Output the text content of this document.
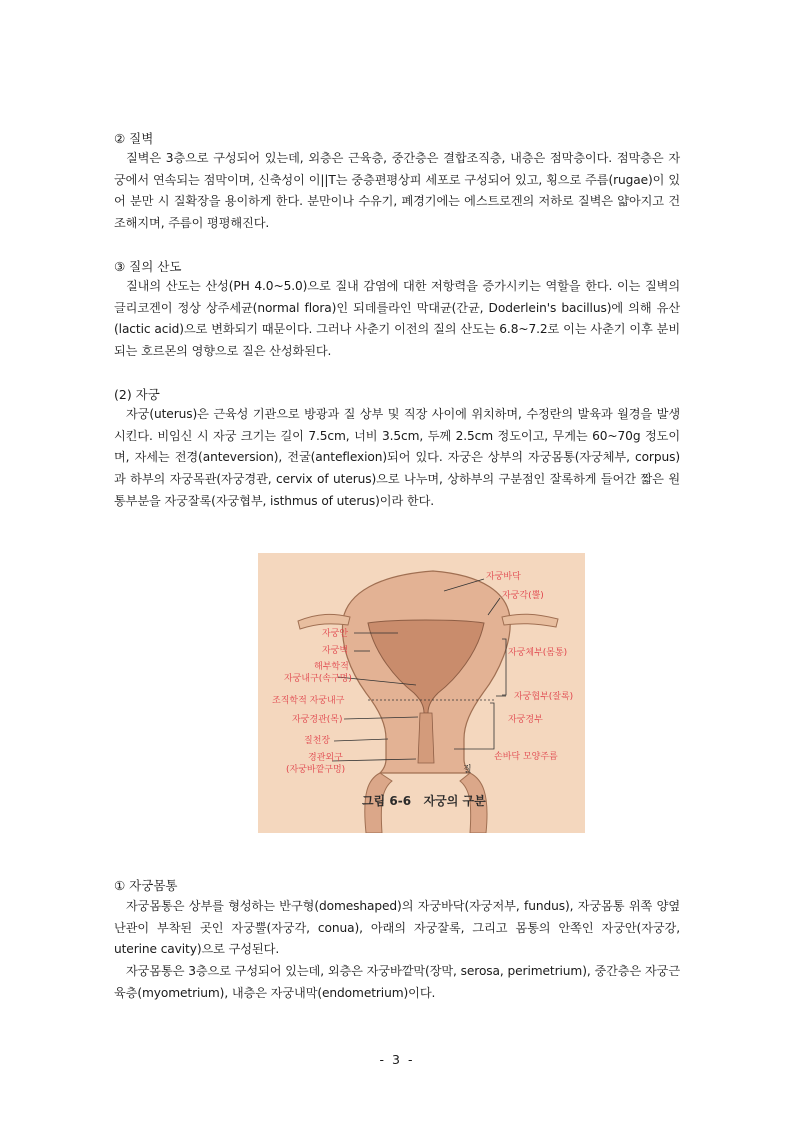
② 질벽

질벽은 3층으로 구성되어 있는데, 외층은 근육층, 중간층은 결합조직층, 내층은 점막층이다. 점막층은 자궁에서 연속되는 점막이며, 신축성이 이||T는 중층편평상피 세포로 구성되어 있고, 횡으로 주름(rugae)이 있어 분만 시 질확장을 용이하게 한다. 분만이나 수유기, 폐경기에는 에스트로겐의 저하로 질벽은 얇아지고 건조해지며, 주름이 평평해진다.

③ 질의 산도

질내의 산도는 산성(PH 4.0~5.0)으로 질내 감염에 대한 저항력을 증가시키는 역할을 한다. 이는 질벽의 글리코겐이 정상 상주세균(normal flora)인 되데를라인 막대균(간균, Doderlein's bacillus)에 의해 유산(lactic acid)으로 변화되기 때문이다. 그러나 사춘기 이전의 질의 산도는 6.8~7.2로 이는 사춘기 이후 분비되는 호르몬의 영향으로 질은 산성화된다.

(2) 자궁

자궁(uterus)은 근육성 기관으로 방광과 질 상부 및 직장 사이에 위치하며, 수정란의 발육과 월경을 발생시킨다. 비임신 시 자궁 크기는 길이 7.5cm, 너비 3.5cm, 두께 2.5cm 정도이고, 무게는 60~70g 정도이며, 자세는 전경(anteversion), 전굴(anteflexion)되어 있다. 자궁은 상부의 자궁몸통(자궁체부, corpus)과 하부의 자궁목관(자궁경관, cervix of uterus)으로 나누며, 상하부의 구분점인 잘록하게 들어간 짧은 원통부분을 자궁잘록(자궁협부, isthmus of uterus)이라 한다.

자궁바닥
자궁각(뿔)
자궁체부(몸통)
자궁협부(잘록)
자궁경부
손바닥 모양주름
자궁안
자궁벽
해부학적
자궁내구(속구멍)
조직학적 자궁내구
자궁경관(목)
질천장
경관외구
(자궁바깥구멍)	질
그림 6-6   자궁의 구분
① 자궁몸통

자궁몸통은 상부를 형성하는 반구형(domeshaped)의 자궁바닥(자궁저부, fundus), 자궁몸통 위쪽 양옆 난관이 부착된 곳인 자궁뿔(자궁각, conua), 아래의 자궁잘록, 그리고 몸통의 안쪽인 자궁안(자궁강, uterine cavity)으로 구성된다.

자궁몸통은 3층으로 구성되어 있는데, 외층은 자궁바깥막(장막, serosa, perimetrium), 중간층은 자궁근육층(myometrium), 내층은 자궁내막(endometrium)이다.

- 3 -
